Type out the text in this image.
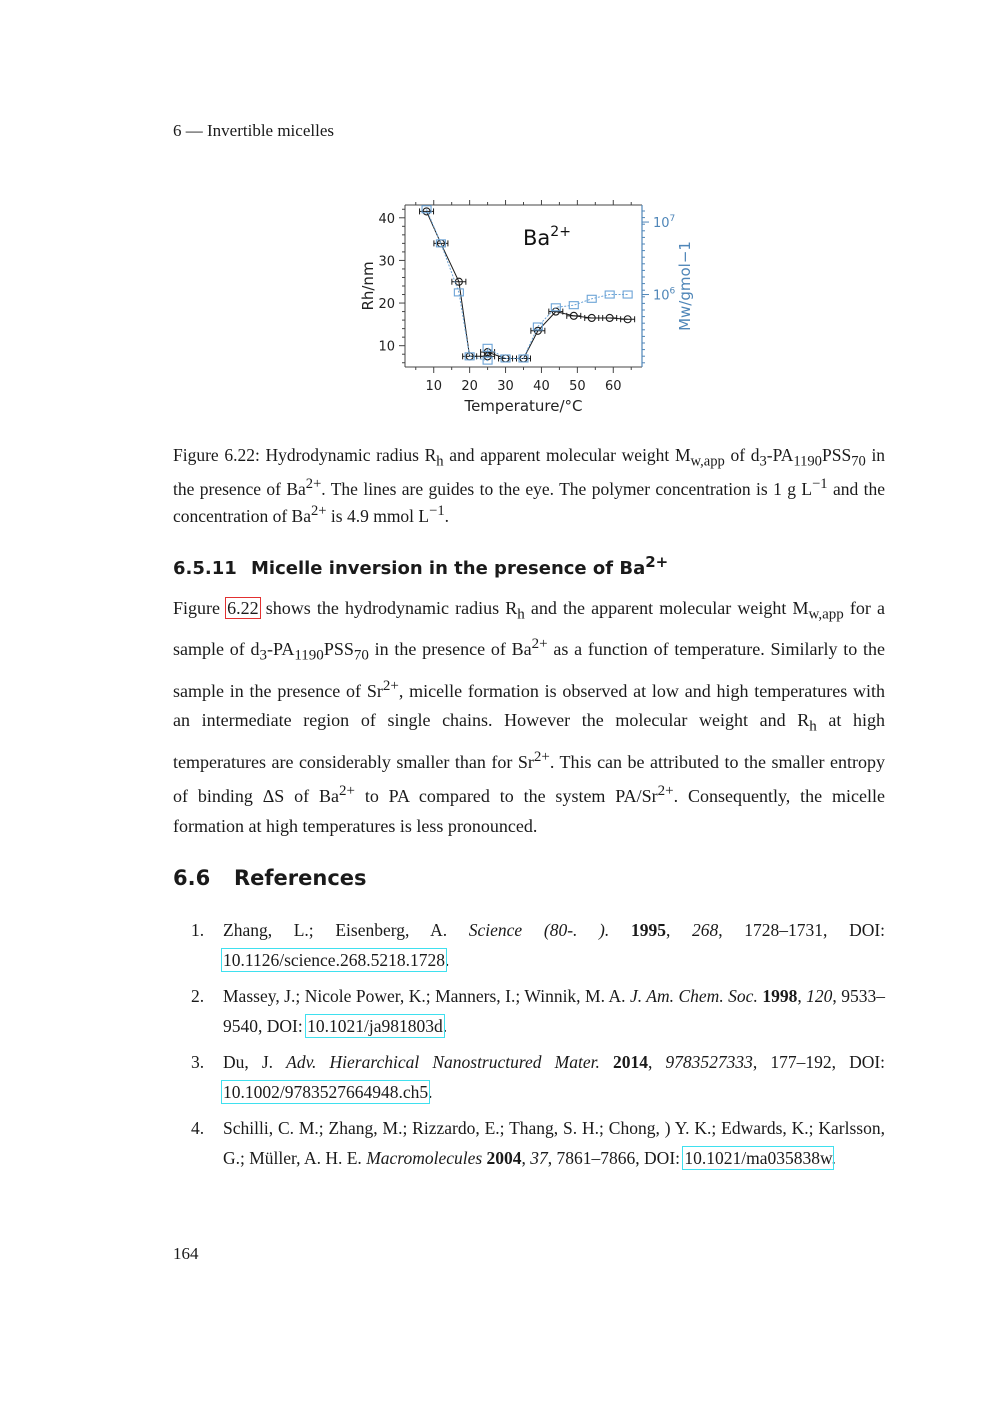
6 — Invertible micelles
10 20 30 40 50 60
10
20
30
40
$10^6$
$10^7$
Temperature/°C
Rh/nm	Mw/gmol−1
$Ba^{2+}$
Figure 6.22: Hydrodynamic radius $R_h$ and apparent molecular weight $M_{w,app}$ of $d_3-PA_{1190}PSS_{70}$ in the presence of $Ba^{2+}$. The lines are guides to the eye. The polymer concentration is 1 g $L^{-1}$ and the concentration of $Ba^{2+}$ is 4.9 mmol $L^{-1}$.
6.5.11 Micelle inversion in the presence of $Ba^{2+}$
Figure 6.22 shows the hydrodynamic radius $R_h$ and the apparent molecular weight $M_{w,app}$ for a sample of $d_3-PA_{1190}PSS_{70}$ in the presence of $Ba^{2+}$ as a function of temperature. Similarly to the sample in the presence of $Sr^{2+}$, micelle formation is observed at low and high temperatures with an intermediate region of single chains. However the molecular weight and $R_h$ at high temperatures are considerably smaller than for $Sr^{2+}$. This can be attributed to the smaller entropy of binding ΔS of $Ba^{2+}$ to PA compared to the system $PA/Sr^{2+}$. Consequently, the micelle formation at high temperatures is less pronounced.
6.6 References
1. Zhang, L.; Eisenberg, A. Science (80-. ). 1995, 268, 1728–1731, DOI: 10.1126/science.268.5218.1728.
2. Massey, J.; Nicole Power, K.; Manners, I.; Winnik, M. A. J. Am. Chem. Soc. 1998, 120, 9533–9540, DOI: 10.1021/ja981803d.
3. Du, J. Adv. Hierarchical Nanostructured Mater. 2014, 9783527333, 177–192, DOI: 10.1002/9783527664948.ch5.
4. Schilli, C. M.; Zhang, M.; Rizzardo, E.; Thang, S. H.; Chong, ) Y. K.; Edwards, K.; Karlsson, G.; Müller, A. H. E. Macromolecules 2004, 37, 7861–7866, DOI: 10.1021/ma035838w.
164
